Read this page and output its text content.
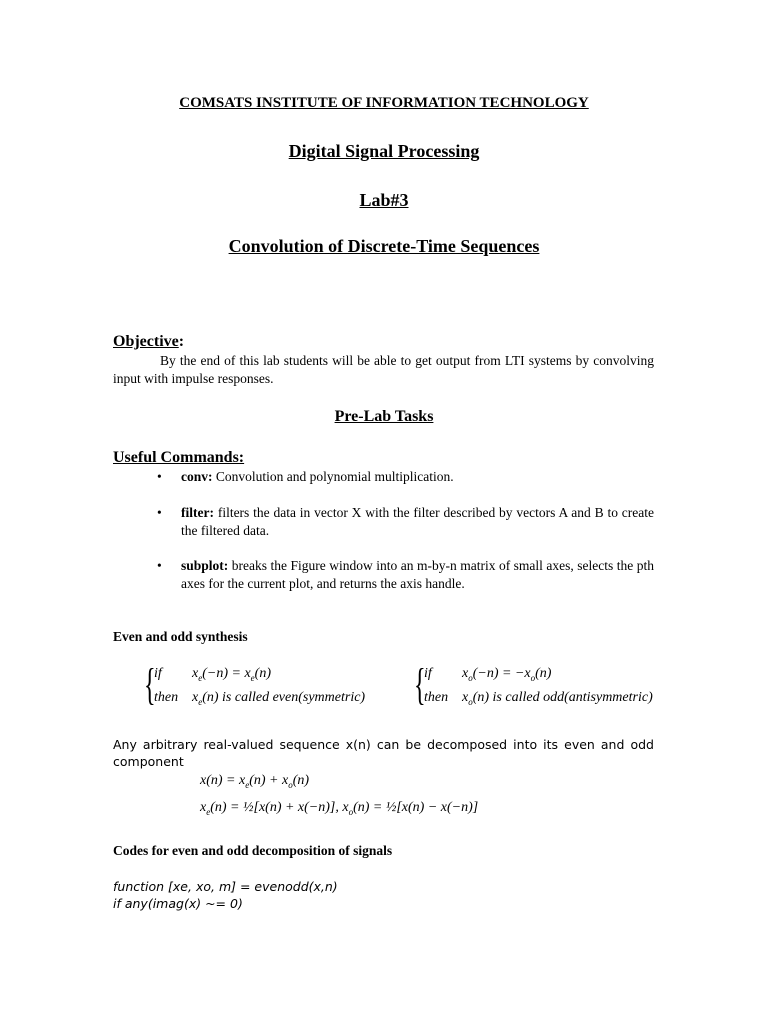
COMSATS INSTITUTE OF INFORMATION TECHNOLOGY
Digital Signal Processing
Lab#3
Convolution of Discrete-Time Sequences
Objective:
By the end of this lab students will be able to get output from LTI systems by convolving input with impulse responses.
Pre-Lab Tasks
Useful Commands:
• conv: Convolution and polynomial multiplication.
• filter: filters the data in vector X with the filter described by vectors A and B to create the filtered data.
• subplot: breaks the Figure window into an m-by-n matrix of small axes, selects the pth axes for the current plot, and returns the axis handle.
Even and odd synthesis
{
if $x_e(-n) = x_e(n)$
then $x_e(n)$ is called even(symmetric) {
if $x_o(-n) = -x_o(n)$
then $x_o(n)$ is called odd(antisymmetric)
Any arbitrary real-valued sequence x(n) can be decomposed into its even and odd component
$x(n) = x_e(n) + x_o(n)$
$x_e(n)$ = ½[x(n) + x(−n)], $x_o(n)$ = ½[x(n) − x(−n)]
Codes for even and odd decomposition of signals
function [xe, xo, m] = evenodd(x,n)
if any(imag(x) ~= 0)
